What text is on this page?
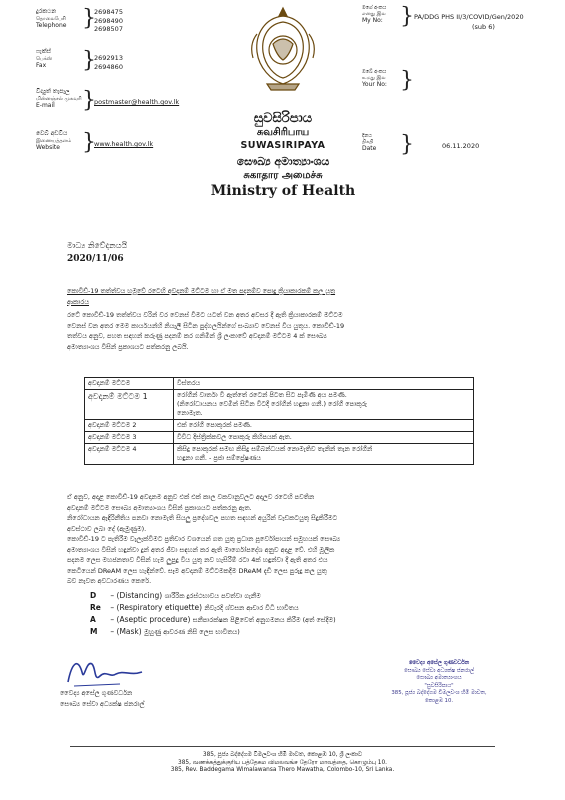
දුරකථන
தொலைபேசி
Telephone }
2698475
2698490
2698507
ෆැක්ස්
பெக்ஸ்
Fax }
2692913
2694860
විද්‍යුත් තැපෑල
மின்னஞ்சல் முகவரி
E-mail	}
postmaster@health.gov.lk
වෙබ් අඩවිය
இணையத்தளம்
Website	}
www.health.gov.lk
සුවසිරිපාය
சுவசிரிபாய
SUWASIRIPAYA
සෞඛ්‍ය අමාත්‍යාංශය
சுகாதார அமைச்சு
Ministry of Health
මගේ අංකය
எனது இல
My No: } PA/DDG PHS II/3/COVID/Gen/2020
(sub 6)
ඔබේ අංකය
உமது இல
Your No: }
දිනය
திகதி
Date }	06.11.2020
මාධ්‍ය නිවේදනයයි
2020/11/06
කොවිඩ්-19 තත්ත්වය හමුවේ රටෙහි අවදානම් මට්ටම හා ඒ මත පදනම්ව පොදු ක්‍රියාකාරකම් කල යුතු
ආකාරය
රටේ කොවිඩ්-19 තත්ත්වය වරින් වර වෙනස් වීමට යටත් වන අතර අවසර දී ඇති ක්‍රියාකාරකම් මට්ටම
වෙනස් වන අතර මෙම කාර්යයන්හි නියැලී සිටින පුද්ගලයින්ගේ සංඛ්‍යාව වෙනස් විය යුතුය. කොවිඩ්-19
තත්වය අනුව, පහත සඳහන් කරුණු පදනම් කර ගනිමින් ශ්‍රී ලංකාවේ අවදානම් මට්ටම 4 ක් සෞඛ්‍ය
අමාත්‍යාංශය විසින් ප්‍රකාශයට පත්කරනු ලබයි.
අවදානම් මට්ටම	විස්තරය
අවදානම් මට්ටම 1	රෝගීන් වාර්තා වී ඇත්තේ රටෙන් පිටත සිට පැමිණි අය පමණි.
(නිරෝධායනය වෙමින් සිටින විටදී රෝගීන් හඳුනා ගනී.) රෝගී පොකුරු
නොමැත.

අවදානම් මට්ටම 2	එක් රෝගී පොකුරක් පමණි.
අවදානම් මට්ටම 3	විවිධ දිස්ත්‍රික්කවල පොකුරු කිහිපයක් ඇත.
අවදානම් මට්ටම 4	කිසිදු පොකුරක් සමඟ කිසිදු සම්බන්ධයක් නොමැතිව තැනින් තැන රෝගීන්
හඳුනා ගනී. - ප්‍රජා සම්ප්‍රේෂණය
ඒ අනුව, අදාළ කොවිඩ්-19 අවදානම අනුව එක් එක් කාල වකවානුවලට අදාලව රටෙහි පවතින
අවදානම් මට්ටම සෞඛ්‍ය අමාත්‍යාංශය විසින් ප්‍රකාශයට පත්කරනු ඇත.
නිරෝධායන ඇඳිරිනීතිය පනවා නොමැති සියලු ප්‍රදේශවල පහත සඳහන් අයුරින් වැඩකටයුතු සිදුකිරීමට
අවස්ථාව ලබා දේ (ඇමුණුම).
කොවිඩ්-19 ට පැතිරීම වැලැක්වීමට ප්‍රතිචාර වශයෙන් ගත යුතු ප්‍රධාන පූර්වෝපායන් සමූහයක් සෞඛ්‍ය
අමාත්‍යාංශය විසින් හඳුන්වා දුන් අතර ජීවා සඳහන් කර ඇති මාර්ගෝපදේශ අනුව අදාළ වේ. එහි මූලික
පදනම ලෙස මහජනතාව විසින් හැම ලුපුදු විය යුතු නව හැසිරීම් රටා 4ක් හඳුන්වා දී ඇති අතර එය
කෙටියෙන් DReAM ලෙස හැඳින්වේ. සෑම අවදානම් මට්ටමකදීම DReAM දැඩි ලෙස පුරුදු කල යුතු
බව නැවත අවධාරණය කෙරේ.
D – (Distancing) ශාරීරික දුරස්ථභාවය පවත්වා ගැනීම
Re – (Respiratory etiquette) නිවැරදි ශ්වසන ආචාර විධි භාවිතය
A – (Aseptic procedure) සනීපාරක්ෂක පිළිවෙත් අනුගමනය කිරීම (අත් සේදීම)
M – (Mask) මුහුණු ආවරණ නිසි ලෙස භාවිතය)
වෛද්‍ය අසේල ගුණවර්ධන
සෞඛ්‍ය සේවා අධ්‍යක්ෂ ජනරාල්
වෛද්‍ය අසේල ගුණවර්ධන
සෞඛ්‍ය සේවා අධ්‍යක්ෂ ජනරාල්
සෞඛ්‍ය අමාත්‍යාංශය
"සුවසිරිපාය"
385, පූජ්‍ය බද්දේගම විමලවංශ හිමි මාවත,
කොළඹ 10.
385, පූජ්‍ය බද්දේගම විමලවංශ හිමි මාවත, කොළඹ 10, ශ්‍රී ලංකාව
385, வணக்கத்துக்குரிய பத்தேகம விமலவங்ச தேரோ மாவத்தை, கொழும்பு 10.
385, Rev. Baddegama Wimalawansa Thero Mawatha, Colombo-10, Sri Lanka.
